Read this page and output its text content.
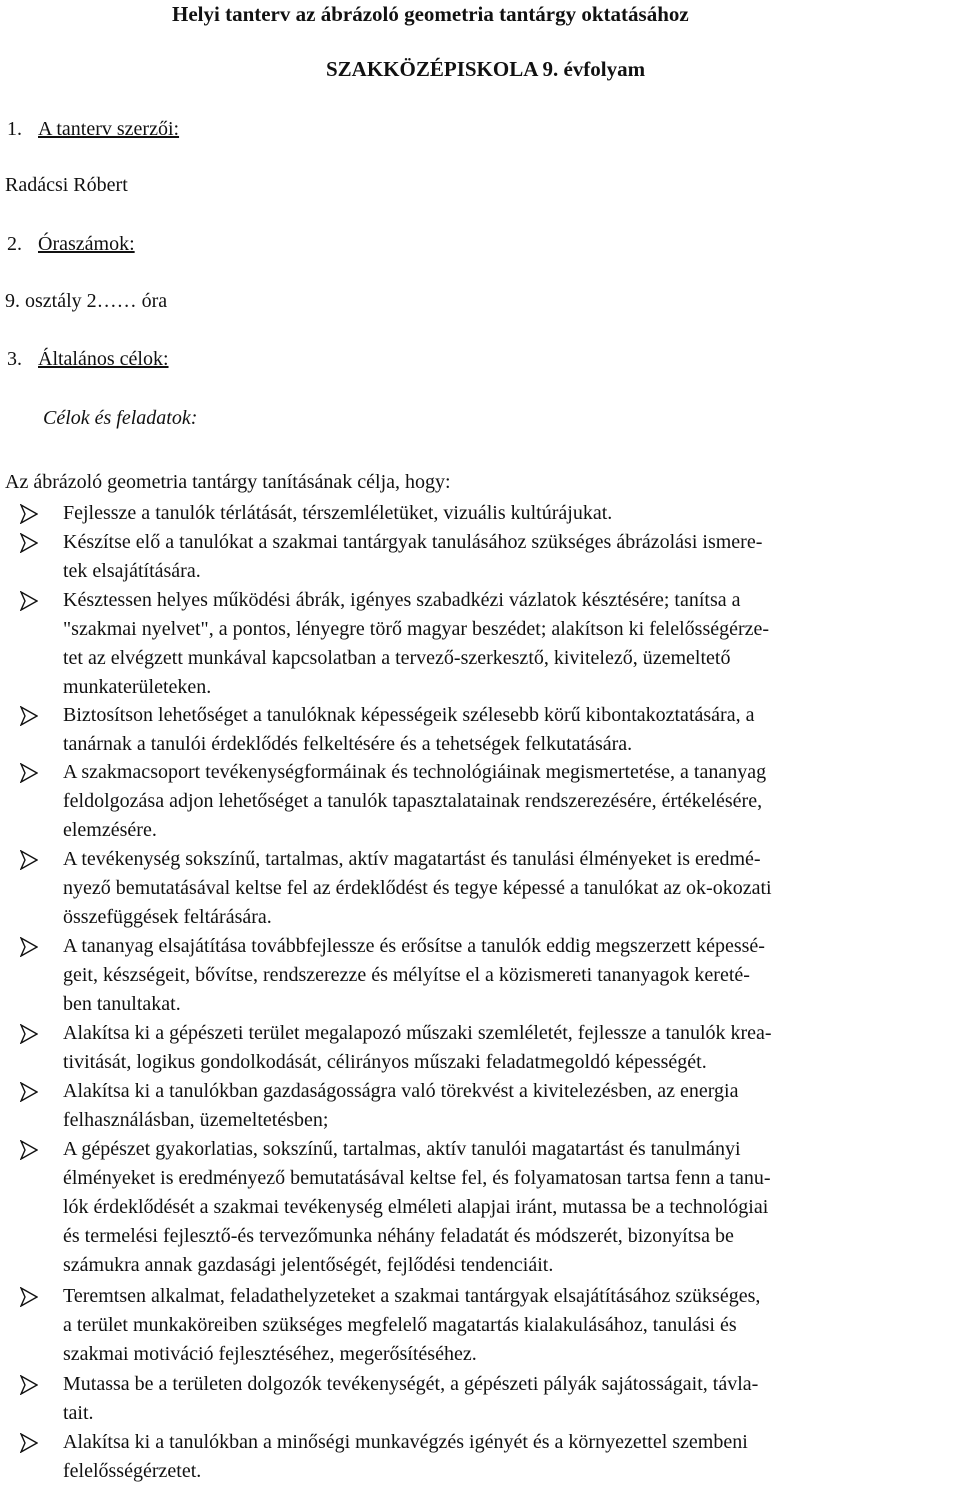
Helyi tanterv az ábrázoló geometria tantárgy oktatásához
SZAKKÖZÉPISKOLA 9. évfolyam
1. A tanterv szerzői:
Radácsi Róbert
2. Óraszámok:
9. osztály 2…… óra
3. Általános célok:
Célok és feladatok:
Az ábrázoló geometria tantárgy tanításának célja, hogy:
Fejlessze a tanulók térlátását, térszemléletüket, vizuális kultúrájukat.
Készítse elő a tanulókat a szakmai tantárgyak tanulásához szükséges ábrázolási ismere-
tek elsajátítására.
Késztessen helyes működési ábrák, igényes szabadkézi vázlatok késztésére; tanítsa a
"szakmai nyelvet", a pontos, lényegre törő magyar beszédet; alakítson ki felelősségérze-
tet az elvégzett munkával kapcsolatban a tervező-szerkesztő, kivitelező, üzemeltető
munkaterületeken.
Biztosítson lehetőséget a tanulóknak képességeik szélesebb körű kibontakoztatására, a
tanárnak a tanulói érdeklődés felkeltésére és a tehetségek felkutatására.
A szakmacsoport tevékenységformáinak és technológiáinak megismertetése, a tananyag
feldolgozása adjon lehetőséget a tanulók tapasztalatainak rendszerezésére, értékelésére,
elemzésére.
A tevékenység sokszínű, tartalmas, aktív magatartást és tanulási élményeket is eredmé-
nyező bemutatásával keltse fel az érdeklődést és tegye képessé a tanulókat az ok-okozati
összefüggések feltárására.
A tananyag elsajátítása továbbfejlessze és erősítse a tanulók eddig megszerzett képessé-
geit, készségeit, bővítse, rendszerezze és mélyítse el a közismereti tananyagok kereté-
ben tanultakat.
Alakítsa ki a gépészeti terület megalapozó műszaki szemléletét, fejlessze a tanulók krea-
tivitását, logikus gondolkodását, célirányos műszaki feladatmegoldó képességét.
Alakítsa ki a tanulókban gazdaságosságra való törekvést a kivitelezésben, az energia
felhasználásban, üzemeltetésben;
A gépészet gyakorlatias, sokszínű, tartalmas, aktív tanulói magatartást és tanulmányi
élményeket is eredményező bemutatásával keltse fel, és folyamatosan tartsa fenn a tanu-
lók érdeklődését a szakmai tevékenység elméleti alapjai iránt, mutassa be a technológiai
és termelési fejlesztő-és tervezőmunka néhány feladatát és módszerét, bizonyítsa be
számukra annak gazdasági jelentőségét, fejlődési tendenciáit.
Teremtsen alkalmat, feladathelyzeteket a szakmai tantárgyak elsajátításához szükséges,
a terület munkaköreiben szükséges megfelelő magatartás kialakulásához, tanulási és
szakmai motiváció fejlesztéséhez, megerősítéséhez.
Mutassa be a területen dolgozók tevékenységét, a gépészeti pályák sajátosságait, távla-
tait.
Alakítsa ki a tanulókban a minőségi munkavégzés igényét és a környezettel szembeni
felelősségérzetet.
